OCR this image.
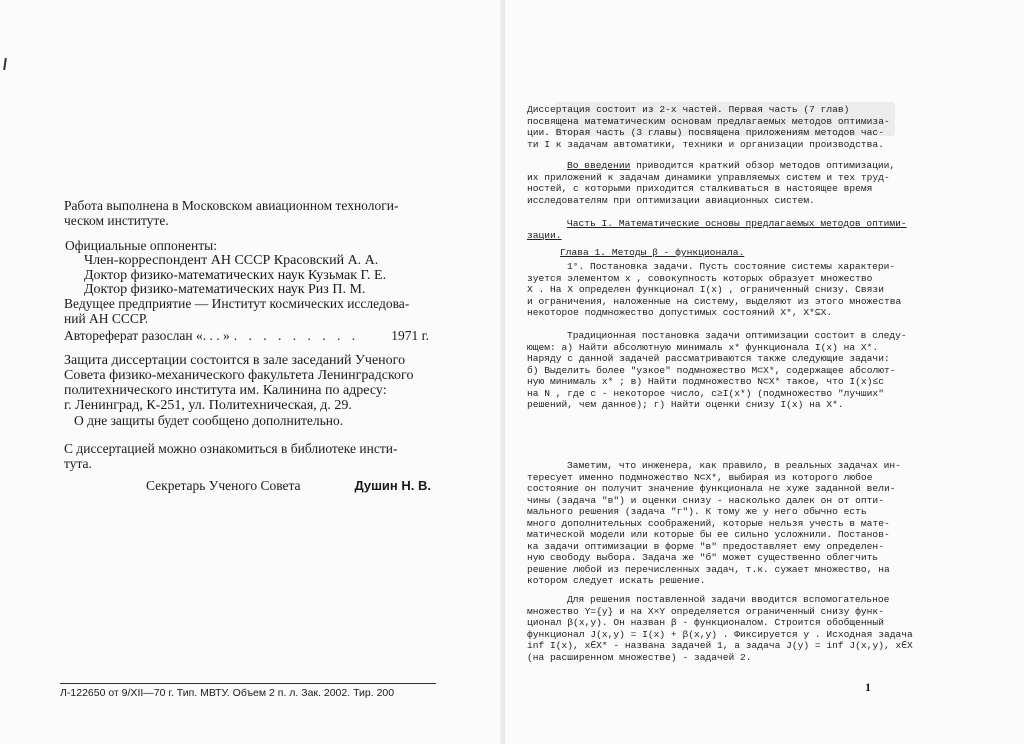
Работа выполнена в Московском авиационном технологи-
ческом институте.
Официальные оппоненты:
Член-корреспондент АН СССР Красовский А. А.
Доктор физико-математических наук Кузьмак Г. Е.
Доктор физико-математических наук Риз П. М.
Ведущее предприятие — Институт космических исследова-
ний АН СССР.
Автореферат разослан «. . . » . . . . . . . . .	1971 г.
Защита диссертации состоится в зале заседаний Ученого
Совета физико-механического факультета Ленинградского
политехнического института им. Калинина по адресу:
г. Ленинград, К-251, ул. Политехническая, д. 29.
О дне защиты будет сообщено дополнительно.
С диссертацией можно ознакомиться в библиотеке инсти-
тута.
Секретарь Ученого Совета	Душин Н. В.
Л-122650 от 9/XII—70 г. Тип. МВТУ. Объем 2 п. л. Зак. 2002. Тир. 200
Диссертация состоит из 2-х частей. Первая часть (7 глав)
посвящена математическим основам предлагаемых методов оптимиза-
ции. Вторая часть (3 главы) посвящена приложениям методов час-
ти I к задачам автоматики, техники и организации производства.
Во введении приводится краткий обзор методов оптимизации,
их приложений к задачам динамики управляемых систем и тех труд-
ностей, с которыми приходится сталкиваться в настоящее время
исследователям при оптимизации авиационных систем.
Часть I. Математические основы предлагаемых методов оптими-
зации.
Глава 1. Методы β - функционала.
1°. Постановка задачи. Пусть состояние системы характери-
зуется элементом x , совокупность которых образует множество
X . На X определен функционал I(x) , ограниченный снизу. Связи
и ограничения, наложенные на систему, выделяют из этого множества
некоторое подмножество допустимых состояний X*, X*⊆X.
Традиционная постановка задачи оптимизации состоит в следу-
ющем: а) Найти абсолютную минималь x* функционала I(x) на X*.
Наряду с данной задачей рассматриваются также следующие задачи:
б) Выделить более "узкое" подмножество M⊂X*, содержащее абсолют-
ную минималь x* ; в) Найти подмножество N⊂X* такое, что I(x)≤c
на N , где c - некоторое число, c≥I(x*) (подмножество "лучших"
решений, чем данное); г) Найти оценки снизу I(x) на X*.
Заметим, что инженера, как правило, в реальных задачах ин-
тересует именно подмножество N⊂X*, выбирая из которого любое
состояние он получит значение функционала не хуже заданной вели-
чины (задача "в") и оценки снизу - насколько далек он от опти-
мального решения (задача "г"). К тому же у него обычно есть
много дополнительных соображений, которые нельзя учесть в мате-
матической модели или которые бы ее сильно усложнили. Постанов-
ка задачи оптимизации в форме "в" предоставляет ему определен-
ную свободу выбора. Задача же "б" может существенно облегчить
решение любой из перечисленных задач, т.к. сужает множество, на
котором следует искать решение.
Для решения поставленной задачи вводится вспомогательное
множество Y={y} и на X×Y определяется ограниченный снизу функ-
ционал β(x,y). Он назван β - функционалом. Строится обобщенный
функционал J(x,y) = I(x) + β(x,y) . Фиксируется y . Исходная задача
inf I(x), x∈X* - названа задачей 1, а задача J(y) = inf J(x,y), x∈X
(на расширенном множестве) - задачей 2.
1
